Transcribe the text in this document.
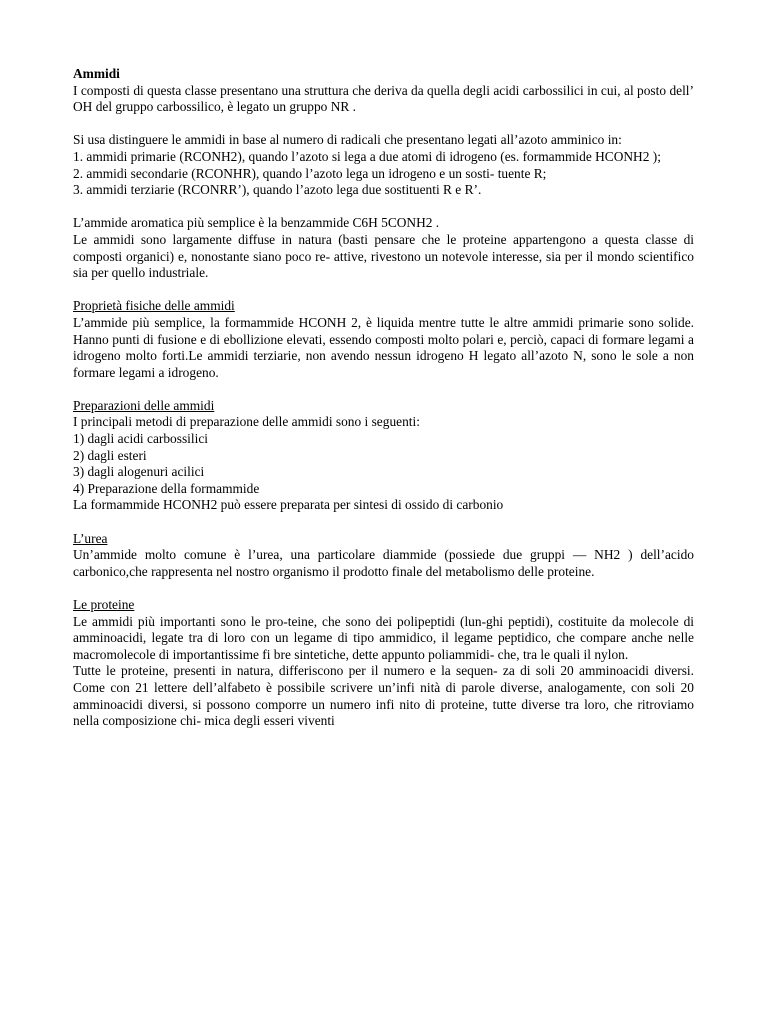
Ammidi

I composti di questa classe presentano una struttura che deriva da quella degli acidi carbossilici in cui, al posto dell’ OH del gruppo carbossilico, è legato un gruppo NR .

Si usa distinguere le ammidi in base al numero di radicali che presentano legati all’azoto amminico in:

1. ammidi primarie (RCONH2), quando l’azoto si lega a due atomi di idrogeno (es. formammide HCONH2 );

2. ammidi secondarie (RCONHR), quando l’azoto lega un idrogeno e un sosti- tuente R;

3. ammidi terziarie (RCONRR’), quando l’azoto lega due sostituenti R e R’.

L’ammide aromatica più semplice è la benzammide C6H 5CONH2 .

Le ammidi sono largamente diffuse in natura (basti pensare che le proteine appartengono a questa classe di composti organici) e, nonostante siano poco re- attive, rivestono un notevole interesse, sia per il mondo scientifico sia per quello industriale.

Proprietà fisiche delle ammidi

L’ammide più semplice, la formammide HCONH 2, è liquida mentre tutte le altre ammidi primarie sono solide. Hanno punti di fusione e di ebollizione elevati, essendo composti molto polari e, perciò, capaci di formare legami a idrogeno molto forti.Le ammidi terziarie, non avendo nessun idrogeno H legato all’azoto N, sono le sole a non formare legami a idrogeno.

Preparazioni delle ammidi

I principali metodi di preparazione delle ammidi sono i seguenti:

1) dagli acidi carbossilici

2) dagli esteri

3) dagli alogenuri acilici

4) Preparazione della formammide

La formammide HCONH2 può essere preparata per sintesi di ossido di carbonio

L’urea

Un’ammide molto comune è l’urea, una particolare diammide (possiede due gruppi — NH2 ) dell’acido carbonico,che rappresenta nel nostro organismo il prodotto finale del metabolismo delle proteine.

Le proteine

Le ammidi più importanti sono le pro-teine, che sono dei polipeptidi (lun-ghi peptidi), costituite da molecole di amminoacidi, legate tra di loro con un legame di tipo ammidico, il legame peptidico, che compare anche nelle macromolecole di importantissime fi bre sintetiche, dette appunto poliammidi- che, tra le quali il nylon.

Tutte le proteine, presenti in natura, differiscono per il numero e la sequen- za di soli 20 amminoacidi diversi. Come con 21 lettere dell’alfabeto è possibile scrivere un’infi nità di parole diverse, analogamente, con soli 20 amminoacidi diversi, si possono comporre un numero infi nito di proteine, tutte diverse tra loro, che ritroviamo nella composizione chi- mica degli esseri viventi
